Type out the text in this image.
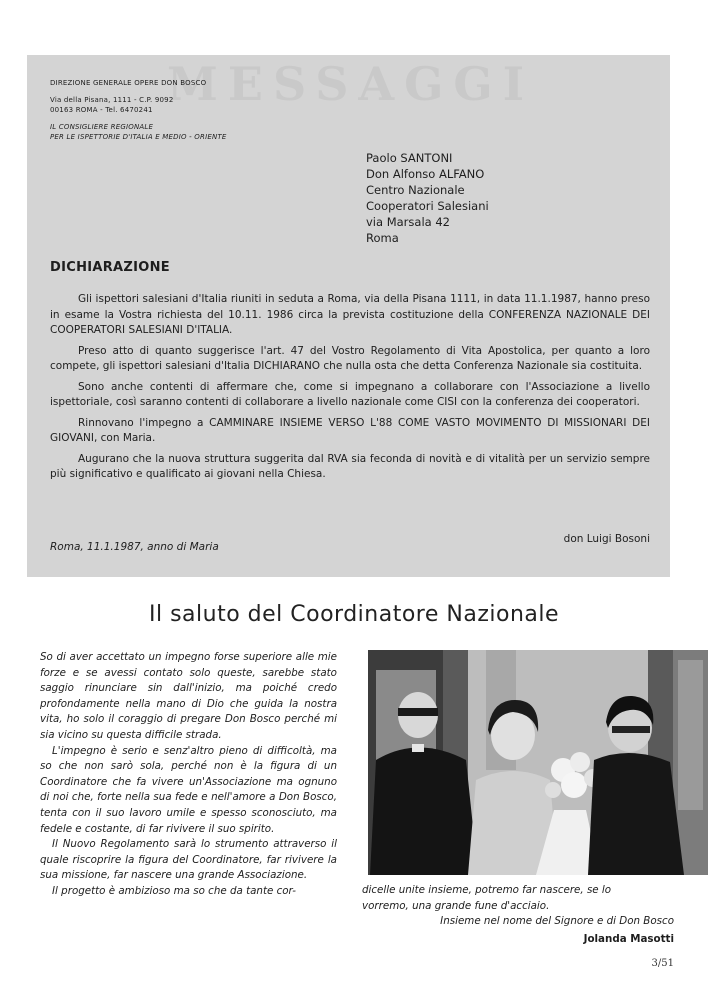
MESSAGGI
DIREZIONE GENERALE OPERE DON BOSCO
Via della Pisana, 1111 - C.P. 9092
00163 ROMA - Tel. 6470241
IL CONSIGLIERE REGIONALE
PER LE ISPETTORIE D'ITALIA E MEDIO - ORIENTE
Paolo SANTONI
Don Alfonso ALFANO
Centro Nazionale
Cooperatori Salesiani
via Marsala 42
Roma
DICHIARAZIONE

Gli ispettori salesiani d'Italia riuniti in seduta a Roma, via della Pisana 1111, in data 11.1.1987, hanno preso in esame la Vostra richiesta del 10.11. 1986 circa la prevista costituzione della CONFERENZA NAZIONALE DEI COOPERATORI SALESIANI D'ITALIA.

Preso atto di quanto suggerisce l'art. 47 del Vostro Regolamento di Vita Apostolica, per quanto a loro compete, gli ispettori salesiani d'Italia DICHIARANO che nulla osta che detta Conferenza Nazionale sia costituita.

Sono anche contenti di affermare che, come si impegnano a collaborare con l'Associazione a livello ispettoriale, così saranno contenti di collaborare a livello nazionale come CISI con la conferenza dei cooperatori.

Rinnovano l'impegno a CAMMINARE INSIEME VERSO L'88 COME VASTO MOVIMENTO DI MISSIONARI DEI GIOVANI, con Maria.

Augurano che la nuova struttura suggerita dal RVA sia feconda di novità e di vitalità per un servizio sempre più significativo e qualificato ai giovani nella Chiesa.

Roma, 11.1.1987, anno di Maria
don Luigi Bosoni
Il saluto del Coordinatore Nazionale

So di aver accettato un impegno forse superiore alle mie forze e se avessi contato solo queste, sarebbe stato saggio rinunciare sin dall'inizio, ma poiché credo profondamente nella mano di Dio che guida la nostra vita, ho solo il coraggio di pregare Don Bosco perché mi sia vicino su questa difficile strada.

L'impegno è serio e senz'altro pieno di difficoltà, ma so che non sarò sola, perché non è la figura di un Coordinatore che fa vivere un'Associazione ma ognuno di noi che, forte nella sua fede e nell'amore a Don Bosco, tenta con il suo lavoro umile e spesso sconosciuto, ma fedele e costante, di far rivivere il suo spirito.

Il Nuovo Regolamento sarà lo strumento attraverso il quale riscoprire la figura del Coordinatore, far rivivere la sua missione, far nascere una grande Associazione.

Il progetto è ambizioso ma so che da tante cor-	dicelle unite insieme, potremo far nascere, se lo
vorremo, una grande fune d'acciaio.
Insieme nel nome del Signore e di Don Bosco
Jolanda Masotti
3/51
